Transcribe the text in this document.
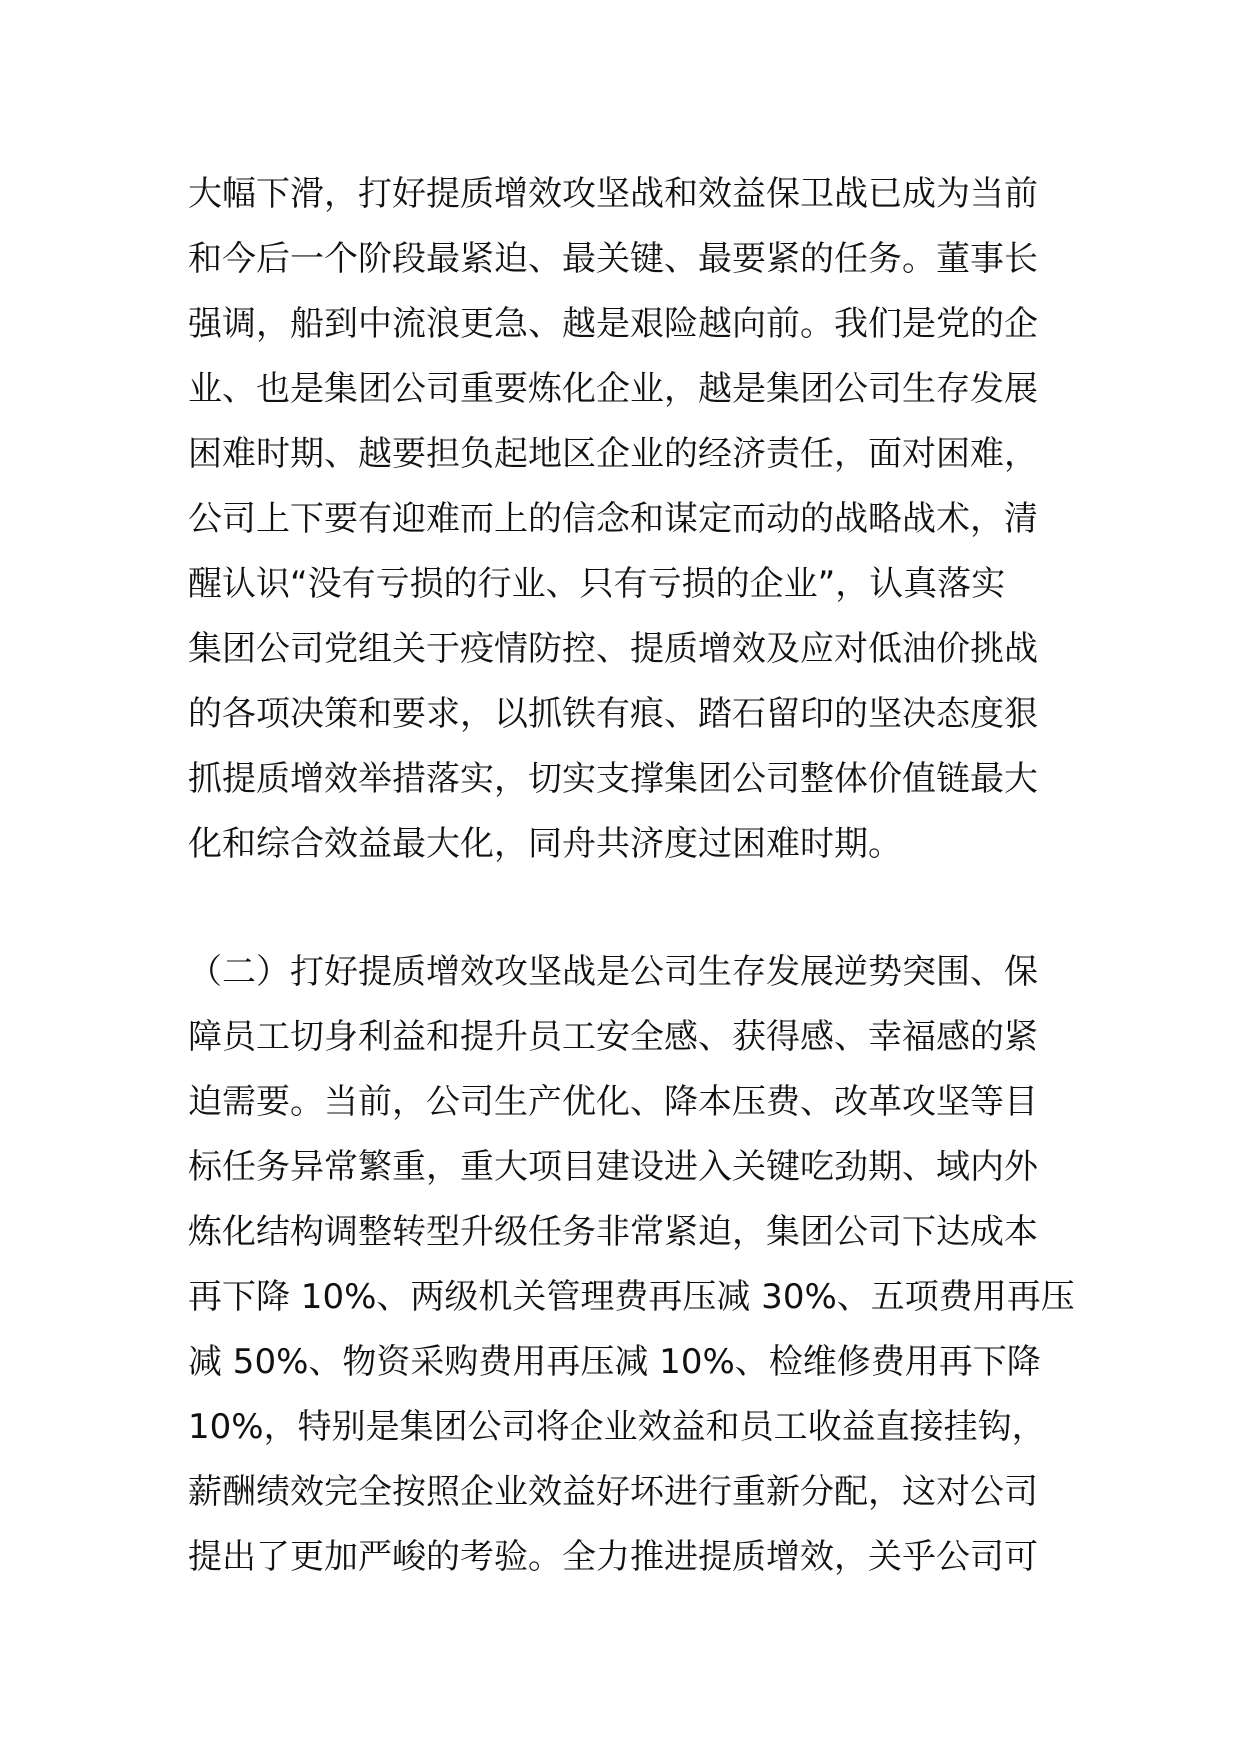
大幅下滑，打好提质增效攻坚战和效益保卫战已成为当前
和今后一个阶段最紧迫、最关键、最要紧的任务。董事长
强调，船到中流浪更急、越是艰险越向前。我们是党的企
业、也是集团公司重要炼化企业，越是集团公司生存发展
困难时期、越要担负起地区企业的经济责任，面对困难，
公司上下要有迎难而上的信念和谋定而动的战略战术，清
醒认识“没有亏损的行业、只有亏损的企业”，认真落实
集团公司党组关于疫情防控、提质增效及应对低油价挑战
的各项决策和要求，以抓铁有痕、踏石留印的坚决态度狠
抓提质增效举措落实，切实支撑集团公司整体价值链最大
化和综合效益最大化，同舟共济度过困难时期。
（二）打好提质增效攻坚战是公司生存发展逆势突围、保
障员工切身利益和提升员工安全感、获得感、幸福感的紧
迫需要。当前，公司生产优化、降本压费、改革攻坚等目
标任务异常繁重，重大项目建设进入关键吃劲期、域内外
炼化结构调整转型升级任务非常紧迫，集团公司下达成本
再下降 10%、两级机关管理费再压减 30%、五项费用再压
减 50%、物资采购费用再压减 10%、检维修费用再下降
10%，特别是集团公司将企业效益和员工收益直接挂钩，
薪酬绩效完全按照企业效益好坏进行重新分配，这对公司
提出了更加严峻的考验。全力推进提质增效，关乎公司可
